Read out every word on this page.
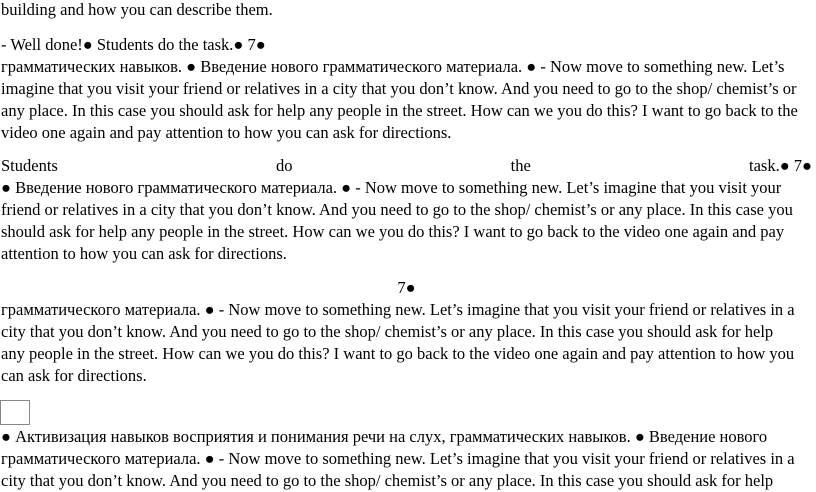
building and how you can describe them.
- Well done!● Students do the task.● 7●
грамматических навыков. ● Введение нового грамматического материала. ● - Now move to something new. Let’s
imagine that you visit your friend or relatives in a city that you don’t know. And you need to go to the shop/ chemist’s or
any place. In this case you should ask for help any people in the street. How can we you do this? I want to go back to the
video one again and pay attention to how you can ask for directions.
Students	do	the	task.● 7●
● Введение нового грамматического материала. ● - Now move to something new. Let’s imagine that you visit your
friend or relatives in a city that you don’t know. And you need to go to the shop/ chemist’s or any place. In this case you
should ask for help any people in the street. How can we you do this? I want to go back to the video one again and pay
attention to how you can ask for directions.
7●
грамматического материала. ● - Now move to something new. Let’s imagine that you visit your friend or relatives in a
city that you don’t know. And you need to go to the shop/ chemist’s or any place. In this case you should ask for help
any people in the street. How can we you do this? I want to go back to the video one again and pay attention to how you
can ask for directions.
● Активизация навыков восприятия и понимания речи на слух, грамматических навыков. ● Введение нового
грамматического материала. ● - Now move to something new. Let’s imagine that you visit your friend or relatives in a
city that you don’t know. And you need to go to the shop/ chemist’s or any place. In this case you should ask for help
